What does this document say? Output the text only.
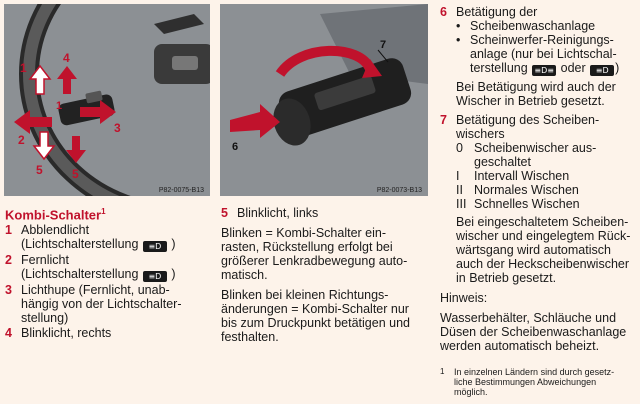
1
4
1
2
3
5 5
P82-0075-B13
7
6
P82-0073-B13
Kombi-Schalter$^1$
1 Abblendlicht
(Lichtschalterstellung ≡D )
2 Fernlicht
(Lichtschalterstellung ≡D )
3 Lichthupe (Fernlicht, unab-
hängig von der Lichtschalter-
stellung)
4 Blinklicht, rechts
5 Blinklicht, links
Blinken = Kombi-Schalter ein-
rasten, Rückstellung erfolgt bei
größerer Lenkradbewegung auto-
matisch.
Blinken bei kleinen Richtungs-
änderungen = Kombi-Schalter nur
bis zum Druckpunkt betätigen und
festhalten.
6 Betätigung der
• Scheibenwaschanlage
• Scheinwerfer-Reinigungs-
anlage (nur bei Lichtschal-
terstellung ≡D≡ oder ≡D )
Bei Betätigung wird auch der
Wischer in Betrieb gesetzt.
7 Betätigung des Scheiben-
wischers
0 Scheibenwischer aus-
geschaltet
I	Intervall Wischen
II Normales Wischen
III Schnelles Wischen
Bei eingeschaltetem Scheiben-
wischer und eingelegtem Rück-
wärtsgang wird automatisch
auch der Heckscheibenwischer
in Betrieb gesetzt.
Hinweis:
Wasserbehälter, Schläuche und
Düsen der Scheibenwaschanlage
werden automatisch beheizt.
1	In einzelnen Ländern sind durch gesetz-
liche Bestimmungen Abweichungen
möglich.
